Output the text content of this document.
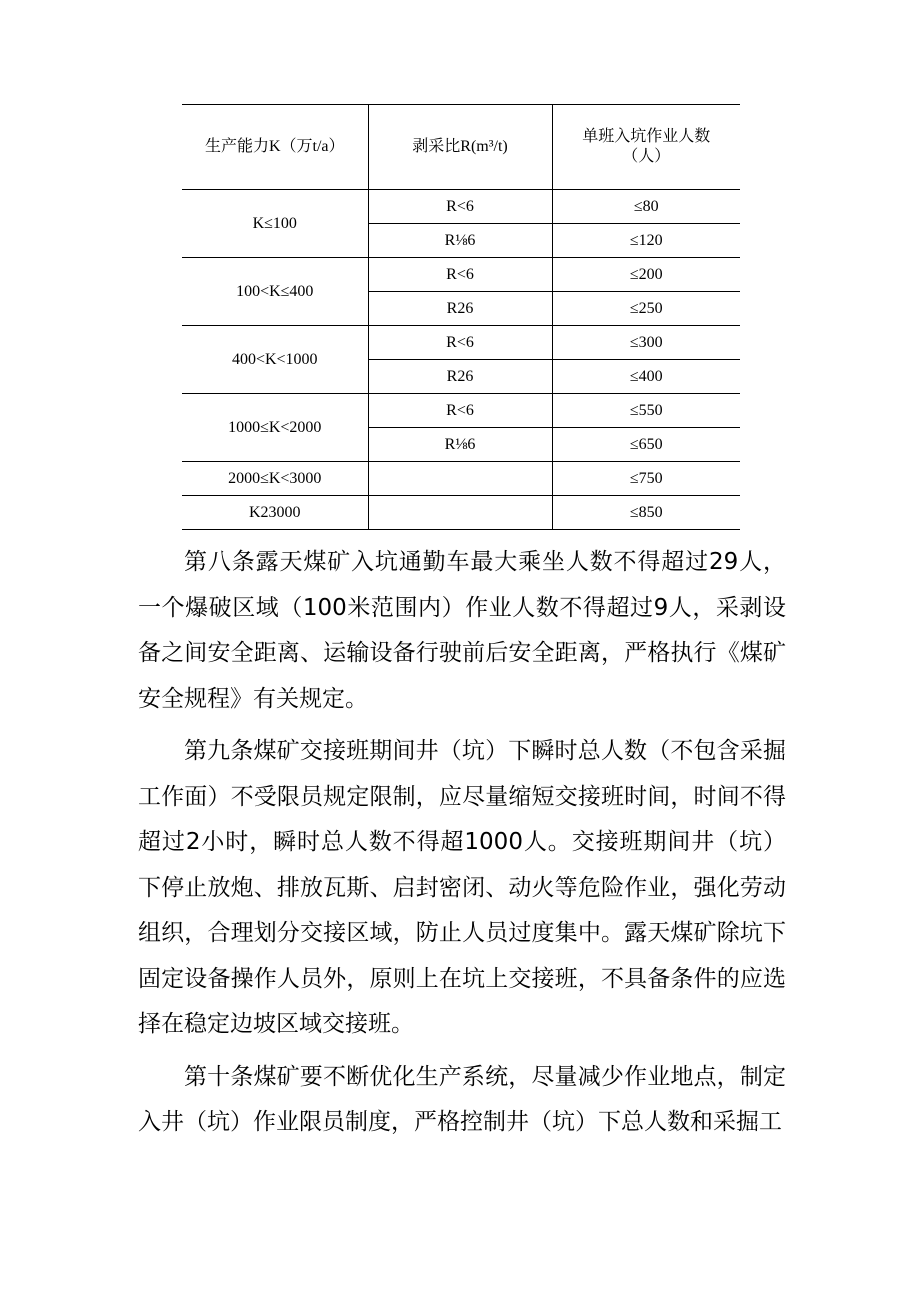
生产能力K（万t/a）	剥采比R(m³/t)	单班入坑作业人数
（人）

K≤100	R<6	≤80
	R⅛6	≤120
100<K≤400	R<6	≤200
	R26	≤250
400<K<1000	R<6	≤300
	R26	≤400
1000≤K<2000	R<6	≤550
	R⅛6	≤650
2000≤K<3000		≤750
K23000		≤850

第八条露天煤矿入坑通勤车最大乘坐人数不得超过29人，一个爆破区域（100米范围内）作业人数不得超过9人，采剥设备之间安全距离、运输设备行驶前后安全距离，严格执行《煤矿安全规程》有关规定。

第九条煤矿交接班期间井（坑）下瞬时总人数（不包含采掘工作面）不受限员规定限制，应尽量缩短交接班时间，时间不得超过2小时，瞬时总人数不得超1000人。交接班期间井（坑）下停止放炮、排放瓦斯、启封密闭、动火等危险作业，强化劳动组织，合理划分交接区域，防止人员过度集中。露天煤矿除坑下固定设备操作人员外，原则上在坑上交接班，不具备条件的应选择在稳定边坡区域交接班。

第十条煤矿要不断优化生产系统，尽量减少作业地点，制定入井（坑）作业限员制度，严格控制井（坑）下总人数和采掘工
